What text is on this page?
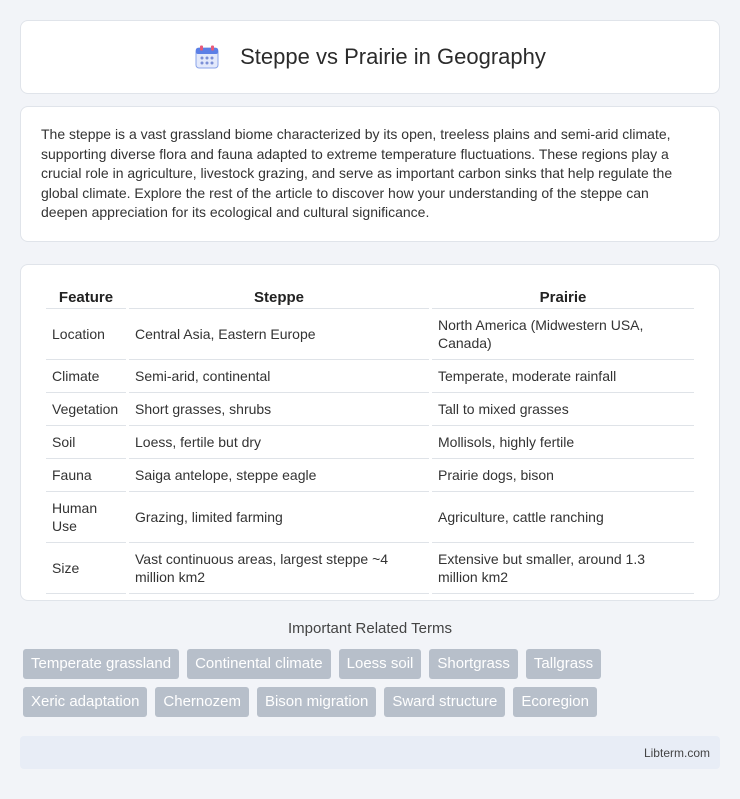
Steppe vs Prairie in Geography

The steppe is a vast grassland biome characterized by its open, treeless plains and semi-arid climate, supporting diverse flora and fauna adapted to extreme temperature fluctuations. These regions play a crucial role in agriculture, livestock grazing, and serve as important carbon sinks that help regulate the global climate. Explore the rest of the article to discover how your understanding of the steppe can deepen appreciation for its ecological and cultural significance.

Feature	Steppe	Prairie
Location	Central Asia, Eastern Europe	North America (Midwestern USA, Canada)
Climate	Semi-arid, continental	Temperate, moderate rainfall
Vegetation	Short grasses, shrubs	Tall to mixed grasses
Soil	Loess, fertile but dry	Mollisols, highly fertile
Fauna	Saiga antelope, steppe eagle	Prairie dogs, bison
Human Use	Grazing, limited farming	Agriculture, cattle ranching
Size	Vast continuous areas, largest steppe ~4 million km2	Extensive but smaller, around 1.3 million km2
Important Related Terms
Temperate grassland	Continental climate	Loess soil	Shortgrass	Tallgrass
Xeric adaptation	Chernozem	Bison migration	Sward structure	Ecoregion
Libterm.com
